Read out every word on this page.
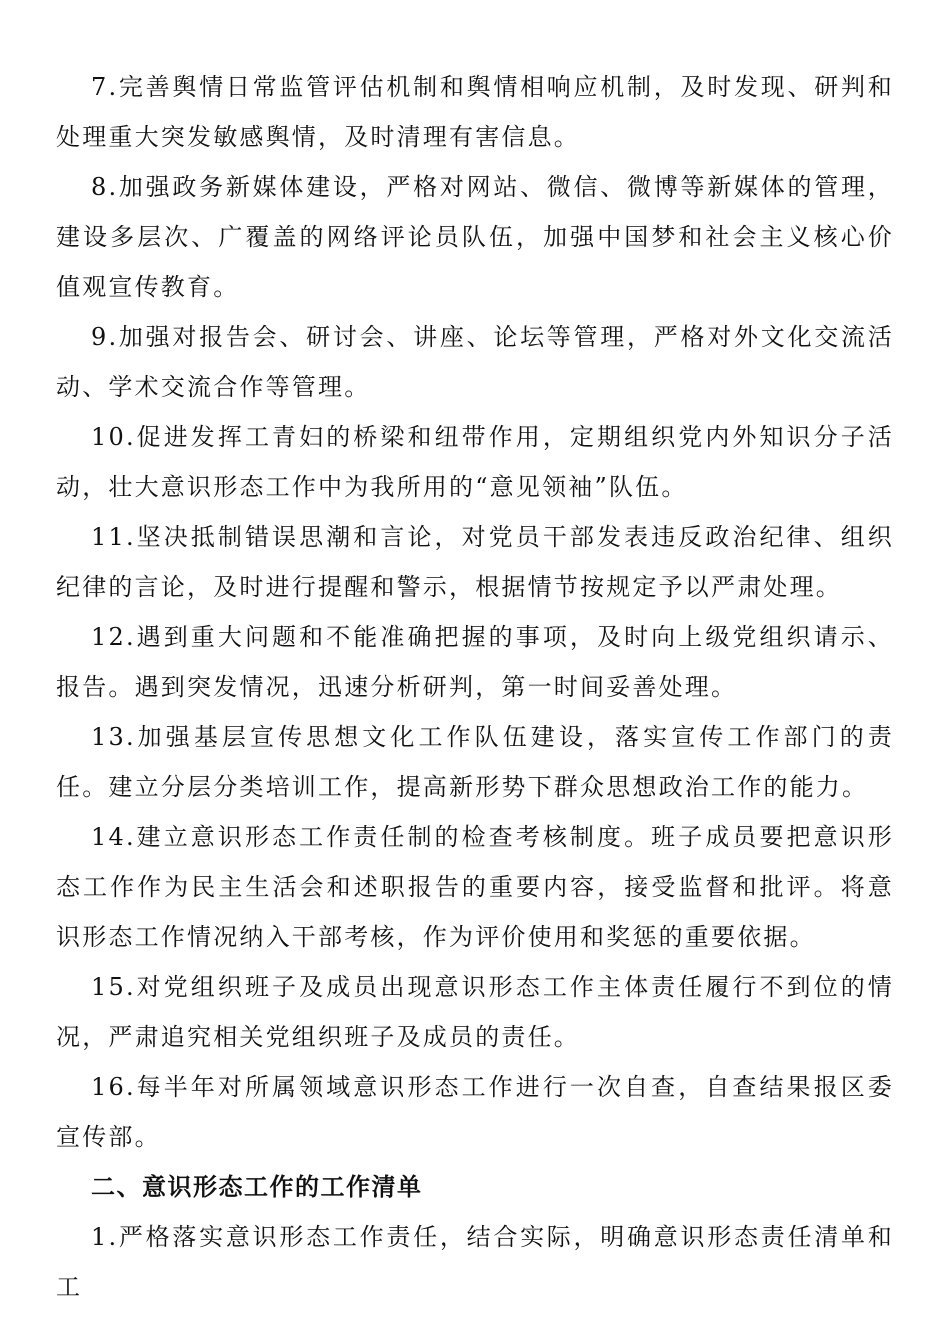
7.完善舆情日常监管评估机制和舆情相响应机制，及时发现、研判和处理重大突发敏感舆情，及时清理有害信息。

8.加强政务新媒体建设，严格对网站、微信、微博等新媒体的管理，建设多层次、广覆盖的网络评论员队伍，加强中国梦和社会主义核心价值观宣传教育。

9.加强对报告会、研讨会、讲座、论坛等管理，严格对外文化交流活动、学术交流合作等管理。

10.促进发挥工青妇的桥梁和纽带作用，定期组织党内外知识分子活动，壮大意识形态工作中为我所用的“意见领袖”队伍。

11.坚决抵制错误思潮和言论，对党员干部发表违反政治纪律、组织纪律的言论，及时进行提醒和警示，根据情节按规定予以严肃处理。

12.遇到重大问题和不能准确把握的事项，及时向上级党组织请示、报告。遇到突发情况，迅速分析研判，第一时间妥善处理。

13.加强基层宣传思想文化工作队伍建设，落实宣传工作部门的责任。建立分层分类培训工作，提高新形势下群众思想政治工作的能力。

14.建立意识形态工作责任制的检查考核制度。班子成员要把意识形态工作作为民主生活会和述职报告的重要内容，接受监督和批评。将意识形态工作情况纳入干部考核，作为评价使用和奖惩的重要依据。

15.对党组织班子及成员出现意识形态工作主体责任履行不到位的情况，严肃追究相关党组织班子及成员的责任。

16.每半年对所属领域意识形态工作进行一次自查，自查结果报区委宣传部。

二、意识形态工作的工作清单

1.严格落实意识形态工作责任，结合实际，明确意识形态责任清单和工
